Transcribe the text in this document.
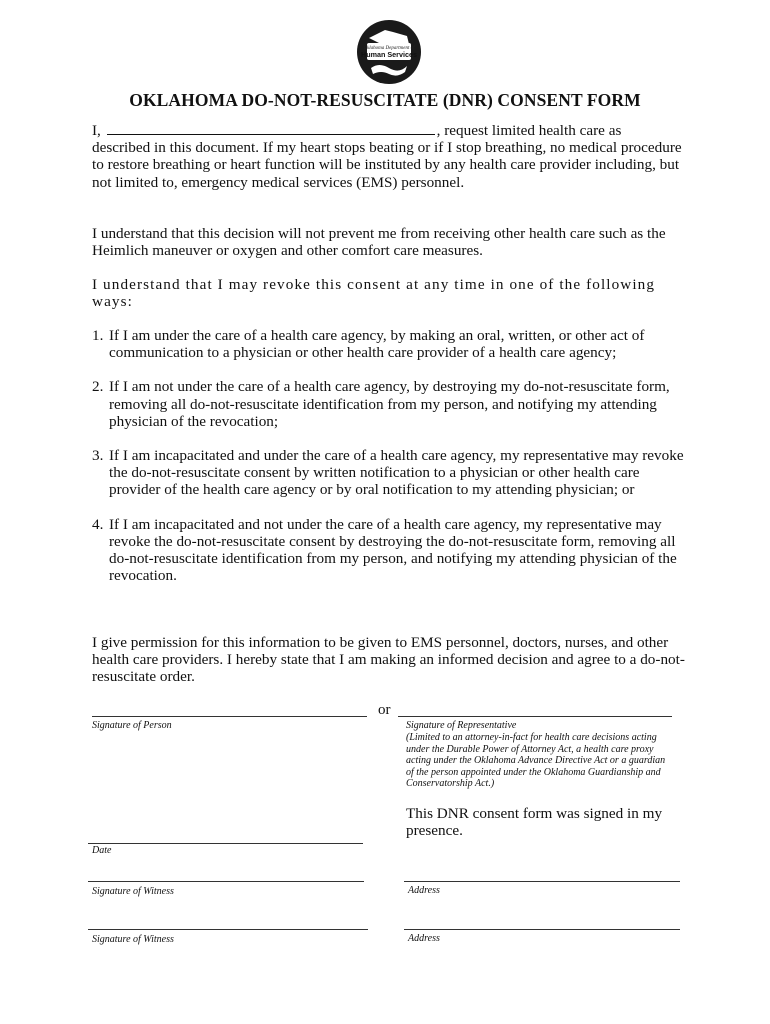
Oklahoma Department of
Human Services
OKLAHOMA DO-NOT-RESUSCITATE (DNR) CONSENT FORM
I,	, request limited health care as
described in this document. If my heart stops beating or if I stop breathing, no medical procedure to restore breathing or heart function will be instituted by any health care provider including, but not limited to, emergency medical services (EMS) personnel.
I understand that this decision will not prevent me from receiving other health care such as the Heimlich maneuver or oxygen and other comfort care measures.
I understand that I may revoke this consent at any time in one of the following ways:
1. If I am under the care of a health care agency, by making an oral, written, or other act of communication to a physician or other health care provider of a health care agency;
2. If I am not under the care of a health care agency, by destroying my do-not-resuscitate form, removing all do-not-resuscitate identification from my person, and notifying my attending physician of the revocation;
3. If I am incapacitated and under the care of a health care agency, my representative may revoke the do-not-resuscitate consent by written notification to a physician or other health care provider of the health care agency or by oral notification to my attending physician; or
4. If I am incapacitated and not under the care of a health care agency, my representative may revoke the do-not-resuscitate consent by destroying the do-not-resuscitate form, removing all do-not-resuscitate identification from my person, and notifying my attending physician of the revocation.
I give permission for this information to be given to EMS personnel, doctors, nurses, and other health care providers. I hereby state that I am making an informed decision and agree to a do-not-resuscitate order.
or
Signature of Person	Signature of Representative
(Limited to an attorney-in-fact for health care decisions acting under the Durable Power of Attorney Act, a health care proxy acting under the Oklahoma Advance Directive Act or a guardian of the person appointed under the Oklahoma Guardianship and Conservatorship Act.)
This DNR consent form was signed in my presence.
Date
Signature of Witness	Address
Signature of Witness	Address
